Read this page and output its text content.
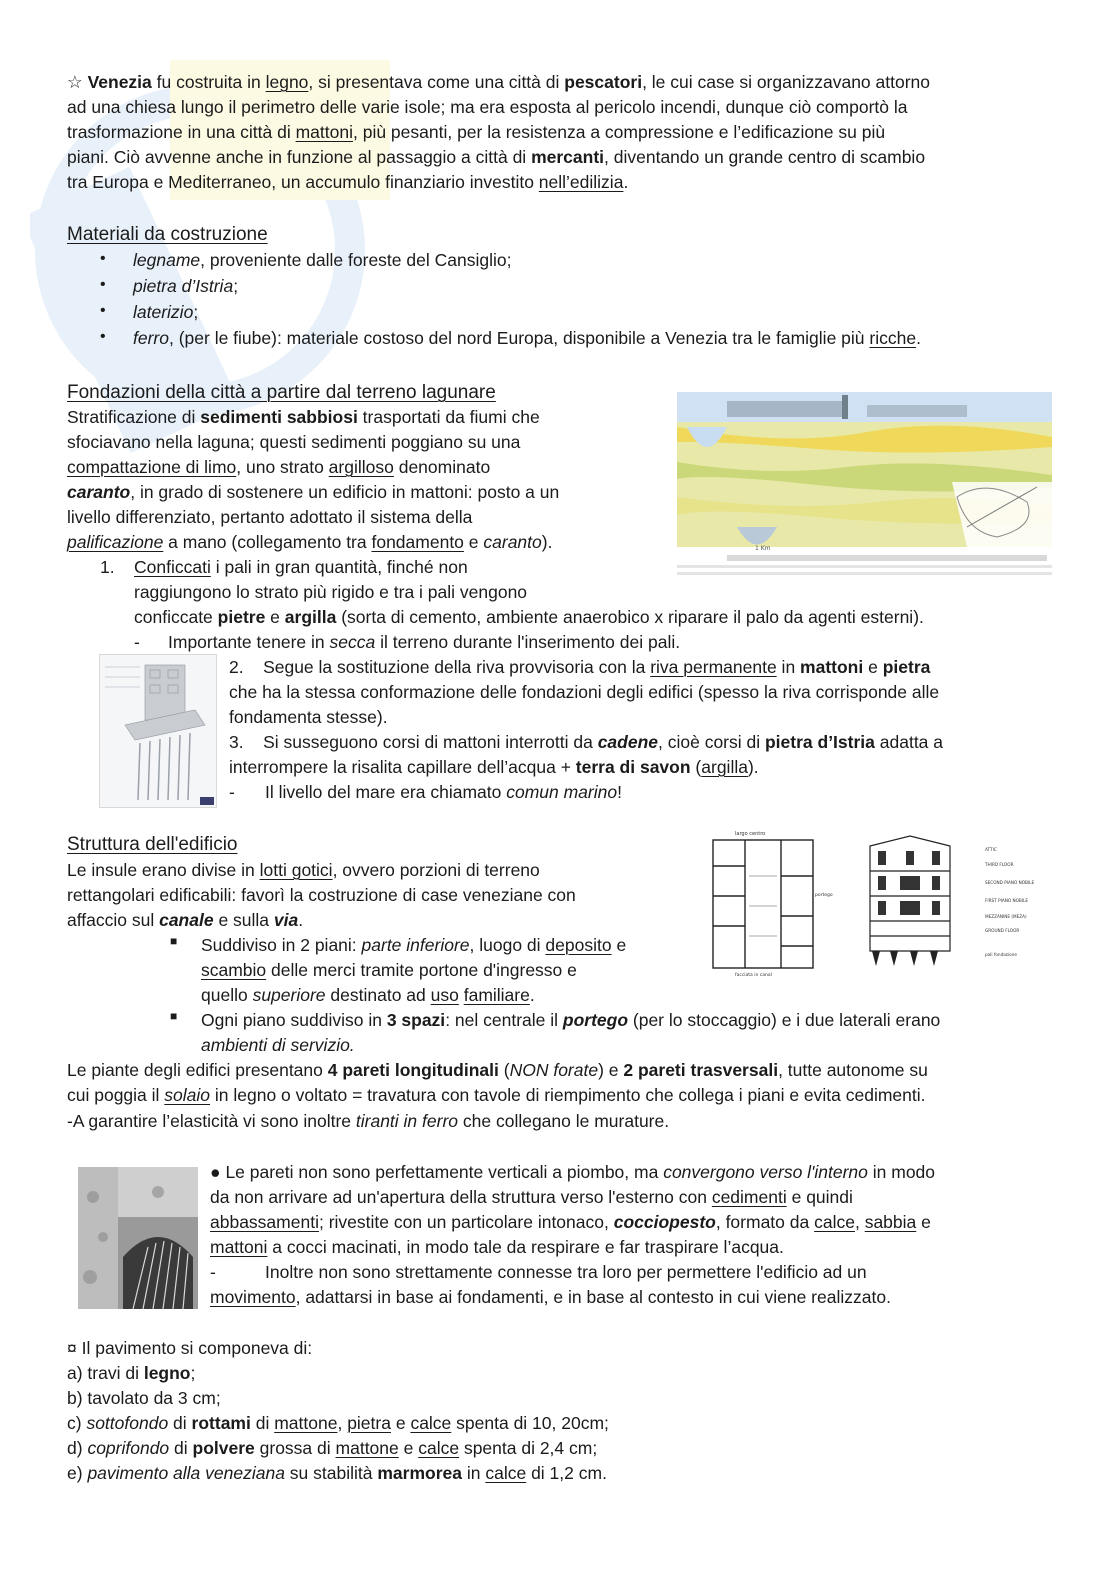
☆ Venezia fu costruita in legno, si presentava come una città di pescatori, le cui case si organizzavano attorno
ad una chiesa lungo il perimetro delle varie isole; ma era esposta al pericolo incendi, dunque ciò comportò la
trasformazione in una città di mattoni, più pesanti, per la resistenza a compressione e l’edificazione su più
piani. Ciò avvenne anche in funzione al passaggio a città di mercanti, diventando un grande centro di scambio
tra Europa e Mediterraneo, un accumulo finanziario investito nell’edilizia.
Materiali da costruzione
• legname, proveniente dalle foreste del Cansiglio;
• pietra d’Istria;
• laterizio;
• ferro, (per le fiube): materiale costoso del nord Europa, disponibile a Venezia tra le famiglie più ricche.
Fondazioni della città a partire dal terreno lagunare
Stratificazione di sedimenti sabbiosi trasportati da fiumi che
sfociavano nella laguna; questi sedimenti poggiano su una
compattazione di limo, uno strato argilloso denominato
caranto, in grado di sostenere un edificio in mattoni: posto a un
livello differenziato, pertanto adottato il sistema della
palificazione a mano (collegamento tra fondamento e caranto).	1 Km
1. Conficcati i pali in gran quantità, finché non
raggiungono lo strato più rigido e tra i pali vengono
conficcate pietre e argilla (sorta di cemento, ambiente anaerobico x riparare il palo da agenti esterni).
- Importante tenere in secca il terreno durante l'inserimento dei pali.
2. Segue la sostituzione della riva provvisoria con la riva permanente in mattoni e pietra
che ha la stessa conformazione delle fondazioni degli edifici (spesso la riva corrisponde alle
fondamenta stesse).
3. Si susseguono corsi di mattoni interrotti da cadene, cioè corsi di pietra d’Istria adatta a
interrompere la risalita capillare dell’acqua + terra di savon (argilla).
- Il livello del mare era chiamato comun marino!
Struttura dell'edificio
Le insule erano divise in lotti gotici, ovvero porzioni di terreno
rettangolari edificabili: favorì la costruzione di case veneziane con
affaccio sul canale e sulla via.
largo centro
portego
facciata in canal
ATTIC
THIRD FLOOR
SECOND PIANO NOBILE
FIRST PIANO NOBILE
MEZZANINE (MEZA)
GROUND FLOOR
pali fondazione
■ Suddiviso in 2 piani: parte inferiore, luogo di deposito e
scambio delle merci tramite portone d'ingresso e
quello superiore destinato ad uso familiare.
■ Ogni piano suddiviso in 3 spazi: nel centrale il portego (per lo stoccaggio) e i due laterali erano
ambienti di servizio.
Le piante degli edifici presentano 4 pareti longitudinali (NON forate) e 2 pareti trasversali, tutte autonome su
cui poggia il solaio in legno o voltato = travatura con tavole di riempimento che collega i piani e evita cedimenti.
-A garantire l’elasticità vi sono inoltre tiranti in ferro che collegano le murature.
● Le pareti non sono perfettamente verticali a piombo, ma convergono verso l'interno in modo
da non arrivare ad un'apertura della struttura verso l'esterno con cedimenti e quindi
abbassamenti; rivestite con un particolare intonaco, cocciopesto, formato da calce, sabbia e
mattoni a cocci macinati, in modo tale da respirare e far traspirare l’acqua.
-	Inoltre non sono strettamente connesse tra loro per permettere l'edificio ad un
movimento, adattarsi in base ai fondamenti, e in base al contesto in cui viene realizzato.
¤ Il pavimento si componeva di:
a) travi di legno;
b) tavolato da 3 cm;
c) sottofondo di rottami di mattone, pietra e calce spenta di 10, 20cm;
d) coprifondo di polvere grossa di mattone e calce spenta di 2,4 cm;
e) pavimento alla veneziana su stabilità marmorea in calce di 1,2 cm.
